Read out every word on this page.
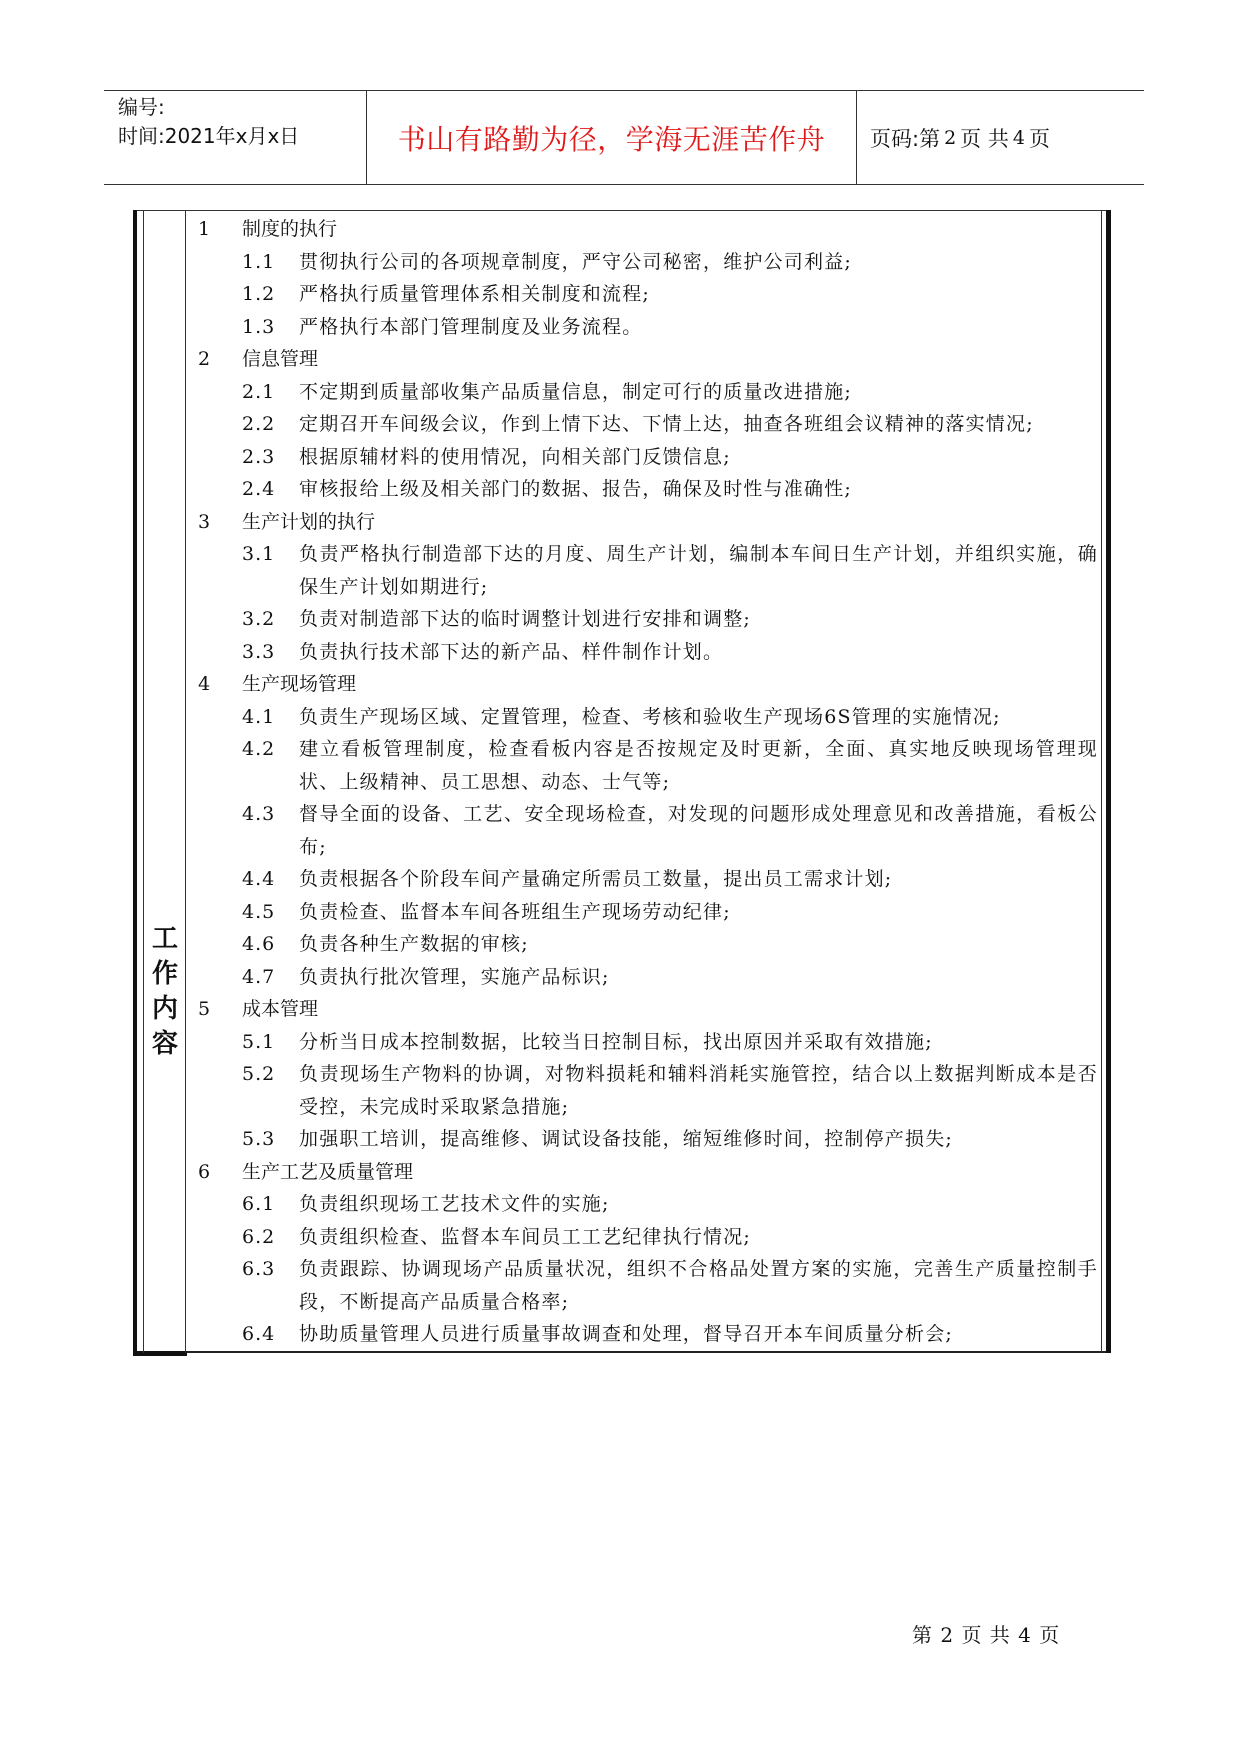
编号:
时间:2021年x月x日	书山有路勤为径，学海无涯苦作舟	页码:第 2 页 共 4 页
工
作
内
容
1 制度的执行
1.1 贯彻执行公司的各项规章制度，严守公司秘密，维护公司利益;
1.2 严格执行质量管理体系相关制度和流程;
1.3 严格执行本部门管理制度及业务流程。
2 信息管理
2.1 不定期到质量部收集产品质量信息，制定可行的质量改进措施;
2.2 定期召开车间级会议，作到上情下达、下情上达，抽查各班组会议精神的落实情况;
2.3 根据原辅材料的使用情况，向相关部门反馈信息;
2.4 审核报给上级及相关部门的数据、报告，确保及时性与准确性;
3 生产计划的执行
3.1 负责严格执行制造部下达的月度、周生产计划，编制本车间日生产计划，并组织实施，确保生产计划如期进行;
3.2 负责对制造部下达的临时调整计划进行安排和调整;
3.3 负责执行技术部下达的新产品、样件制作计划。
4 生产现场管理
4.1 负责生产现场区域、定置管理，检查、考核和验收生产现场6S管理的实施情况;
4.2 建立看板管理制度，检查看板内容是否按规定及时更新，全面、真实地反映现场管理现状、上级精神、员工思想、动态、士气等;
4.3 督导全面的设备、工艺、安全现场检查，对发现的问题形成处理意见和改善措施，看板公布;
4.4 负责根据各个阶段车间产量确定所需员工数量，提出员工需求计划;
4.5 负责检查、监督本车间各班组生产现场劳动纪律;
4.6 负责各种生产数据的审核;
4.7 负责执行批次管理，实施产品标识;
5 成本管理
5.1 分析当日成本控制数据，比较当日控制目标，找出原因并采取有效措施;
5.2 负责现场生产物料的协调，对物料损耗和辅料消耗实施管控，结合以上数据判断成本是否受控，未完成时采取紧急措施;
5.3 加强职工培训，提高维修、调试设备技能，缩短维修时间，控制停产损失;
6 生产工艺及质量管理
6.1 负责组织现场工艺技术文件的实施;
6.2 负责组织检查、监督本车间员工工艺纪律执行情况;
6.3 负责跟踪、协调现场产品质量状况，组织不合格品处置方案的实施，完善生产质量控制手段，不断提高产品质量合格率;
6.4 协助质量管理人员进行质量事故调查和处理，督导召开本车间质量分析会;
第 2 页 共 4 页
